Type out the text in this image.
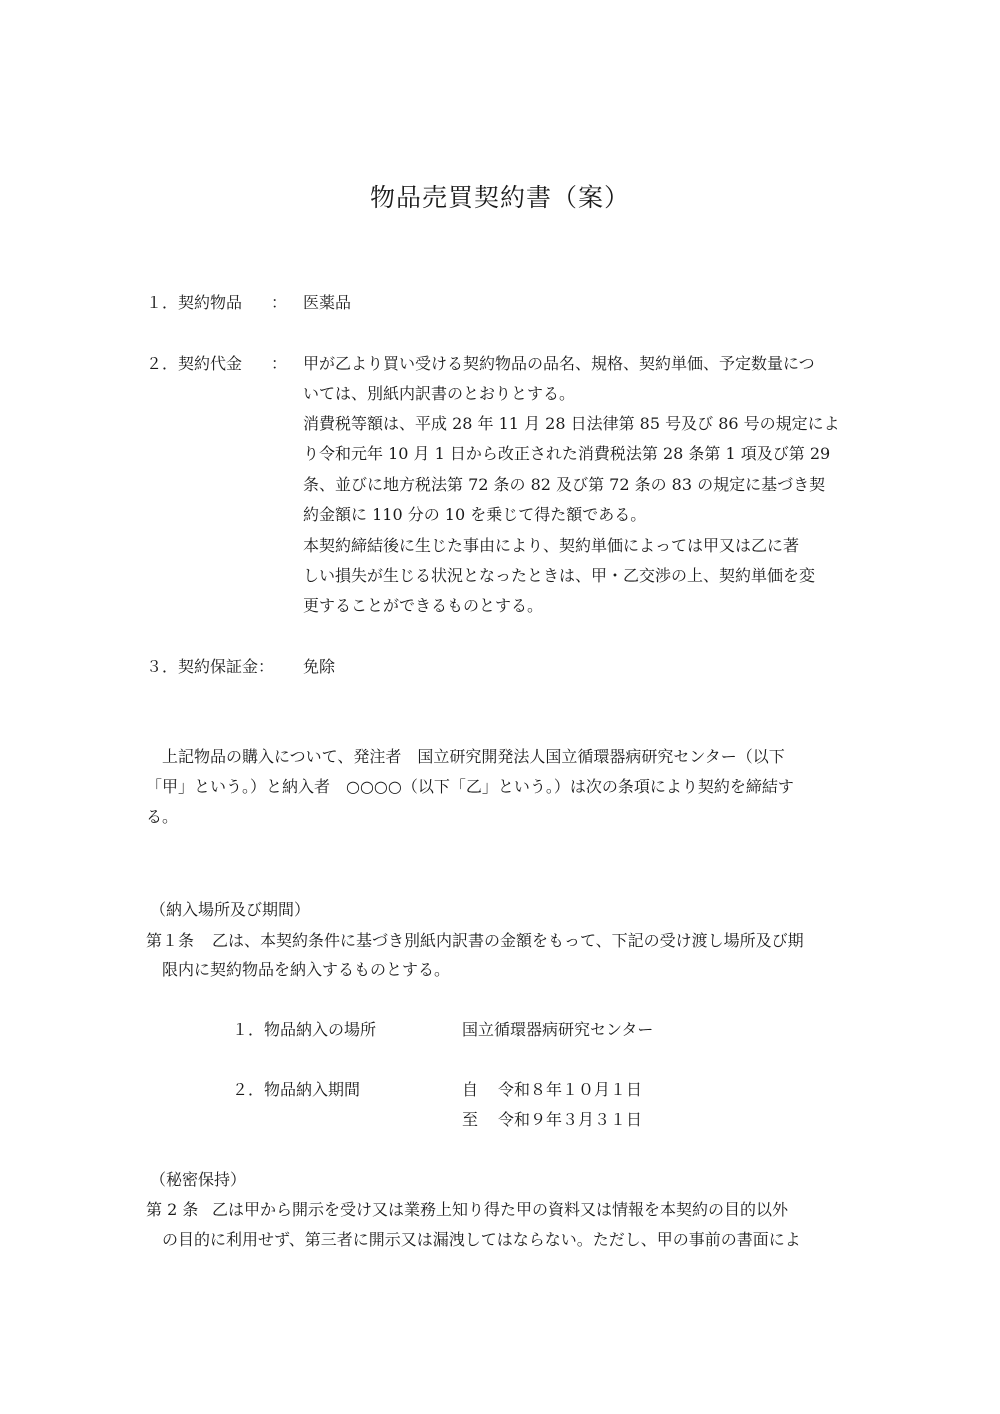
物品売買契約書（案）
１．契約物品 ： 医薬品
２．契約代金 ： 甲が乙より買い受ける契約物品の品名、規格、契約単価、予定数量につ
いては、別紙内訳書のとおりとする。
消費税等額は、平成 28 年 11 月 28 日法律第 85 号及び 86 号の規定によ
り令和元年 10 月 1 日から改正された消費税法第 28 条第 1 項及び第 29
条、並びに地方税法第 72 条の 82 及び第 72 条の 83 の規定に基づき契
約金額に 110 分の 10 を乗じて得た額である。
本契約締結後に生じた事由により、契約単価によっては甲又は乙に著
しい損失が生じる状況となったときは、甲・乙交渉の上、契約単価を変
更することができるものとする。
３．契約保証金： 免除
上記物品の購入について、発注者　国立研究開発法人国立循環器病研究センター（以下
「甲」という。）と納入者　○○○○（以下「乙」という。）は次の条項により契約を締結す
る。
（納入場所及び期間）
第１条 乙は、本契約条件に基づき別紙内訳書の金額をもって、下記の受け渡し場所及び期
限内に契約物品を納入するものとする。
１．物品納入の場所	国立循環器病研究センター
２．物品納入期間	自 令和８年１０月１日
至 令和９年３月３１日
（秘密保持）
第 2 条 乙は甲から開示を受け又は業務上知り得た甲の資料又は情報を本契約の目的以外
の目的に利用せず、第三者に開示又は漏洩してはならない。ただし、甲の事前の書面によ
